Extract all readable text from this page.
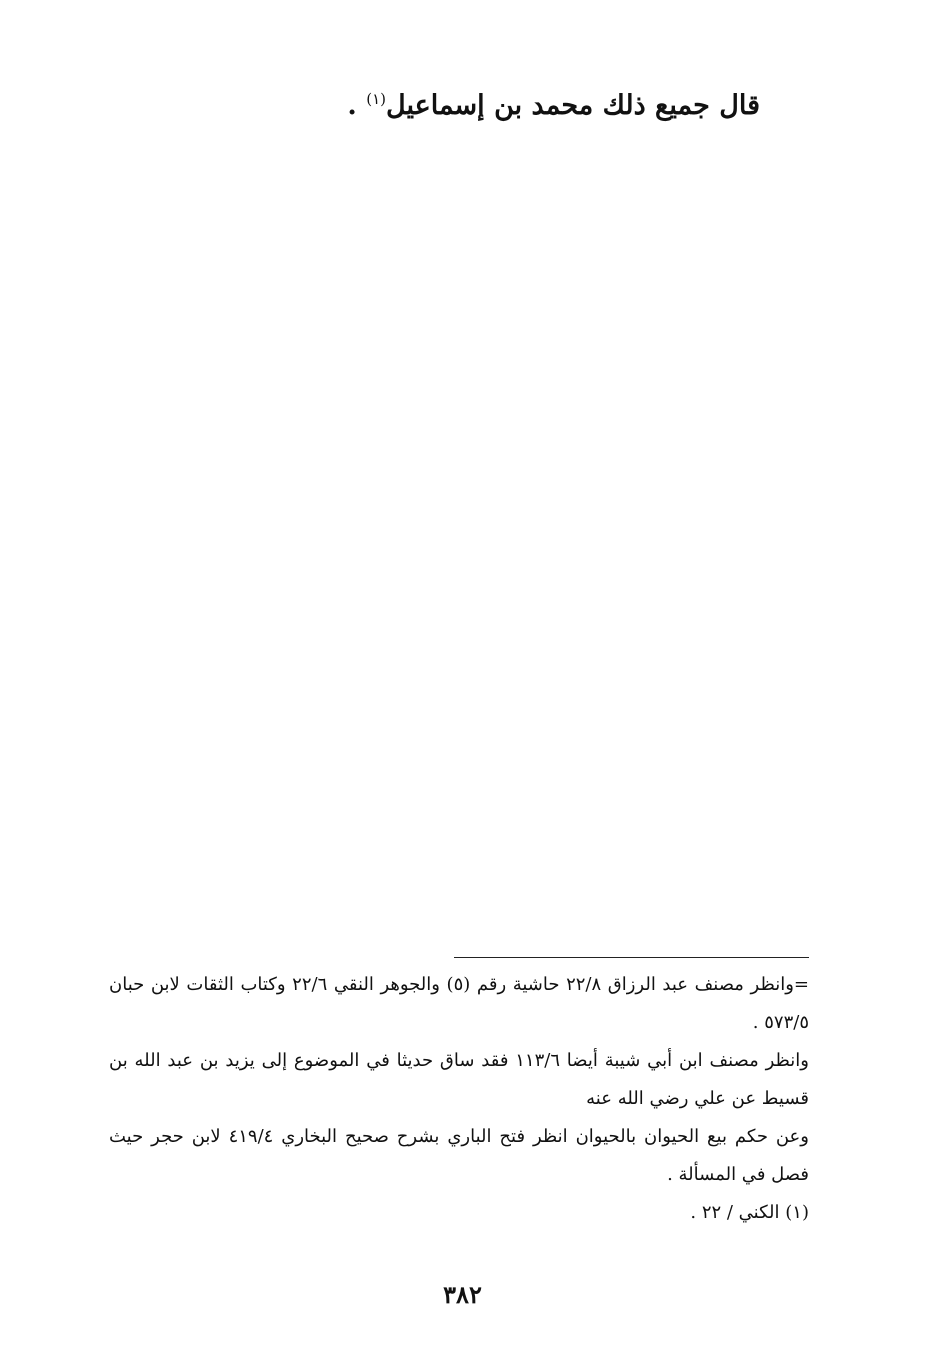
قال جميع ذلك محمد بن إسماعيل$^{(١)}$ .

=وانظر مصنف عبد الرزاق ٢٢/٨ حاشية رقم (٥) والجوهر النقي ٢٢/٦ وكتاب الثقات لابن حبان ٥٧٣/٥ .

وانظر مصنف ابن أبي شيبة أيضا ١١٣/٦ فقد ساق حديثا في الموضوع إلى يزيد بن عبد الله بن قسيط عن علي رضي الله عنه

وعن حكم بيع الحيوان بالحيوان انظر فتح الباري بشرح صحيح البخاري ٤١٩/٤ لابن حجر حيث فصل في المسألة .

(١) الكني / ٢٢ .

٣٨٢
